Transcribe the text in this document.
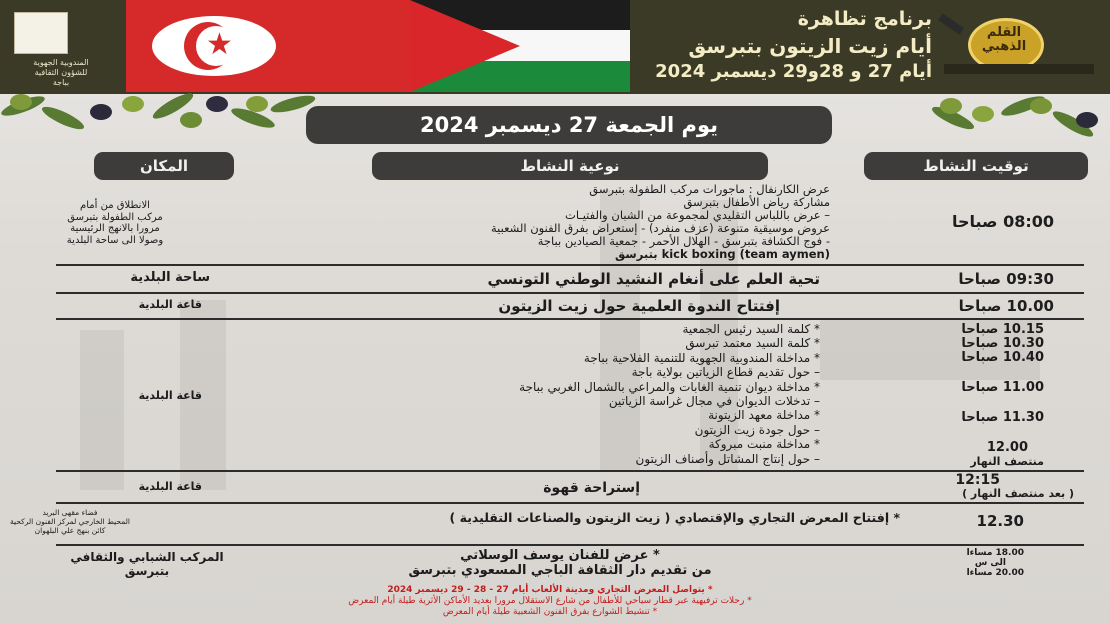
المندوبية الجهوية
للشؤون الثقافية
بباجة
★
برنامج تظاهرة
أيام زيت الزيتون بتبرسق
أيام 27 و 28و29 ديسمبر 2024
القلم الذهبي
يوم الجمعة 27 ديسمبر 2024
توقيت النشاط
نوعية النشاط
المكان
08:00 صباحا
عرض الكارنفال : ماجورات مركب الطفولة بتبرسق
مشاركة رياض الأطفال بتبرسق
– عرض باللباس التقليدي لمجموعة من الشبان والفتيـات
عروض موسيقية متنوعة (عزف منفرد) - إستعراض بفرق الفنون الشعبية
- فوج الكشافة بتبرسق - الهلال الأحمر - جمعية الصيادين بباجة
kick boxing (team aymen) بتبرسق
الانطلاق من أمام
مركب الطفولة بتبرسق
مرورا بالانهج الرئيسية
وصولا الى ساحة البلدية
09:30 صباحا
تحية العلم على أنغام النشيد الوطني التونسي
ساحة البلدية
10.00 صباحا
إفتتاح الندوة العلمية حول زيت الزيتون
قاعة البلدية
10.15 صباحا
10.30 صباحا
10.40 صباحا
11.00 صباحا
11.30 صباحا
12.00
منتصف النهار
* كلمة السيد رئيس الجمعية
* كلمة السيد معتمد تبرسق
* مداخلة المندوبية الجهوية للتنمية الفلاحية بباجة
– حول تقديم قطاع الزياتين بولاية باجة
* مداخلة ديوان تنمية الغابات والمراعي بالشمال الغربي بباجة
– تدخلات الديوان في مجال غراسة الزياتين
* مداخلة معهد الزيتونة
– حول جودة زيت الزيتون
* مداخلة منبت مبروكة
– حول إنتاج المشاتل وأصناف الزيتون
قاعة البلدية
12:15
( بعد منتصف النهار )
إستراحة قهوة
قاعة البلدية
12.30
* إفتتاح المعرض التجاري والإقتصادي ( زيت الزيتون والصناعات التقليدية )
فضاء مقهى البريد
المحيط الخارجي لمركز الفنون الركحية
كائن بنهج علي البلهوان
18.00 مساءا
الى س
20.00 مساءا
* عرض للفنان يوسف الوسلاتي
من تقديم دار الثقافة الباجي المسعودي بتبرسق
المركب الشبابي والثقافي
بتبرسق
* يتواصل المعرض التجاري ومدينة الألعاب أيام 27 - 28 - 29 ديسمبر 2024
* رحلات ترفيهية عبر قطار سياحي للأطفال من شارع الاستقلال مرورا بعديد الأماكن الأثرية طيلة أيام المعرض
* تنشيط الشوارع بفرق الفنون الشعبية طيلة أيام المعرض
